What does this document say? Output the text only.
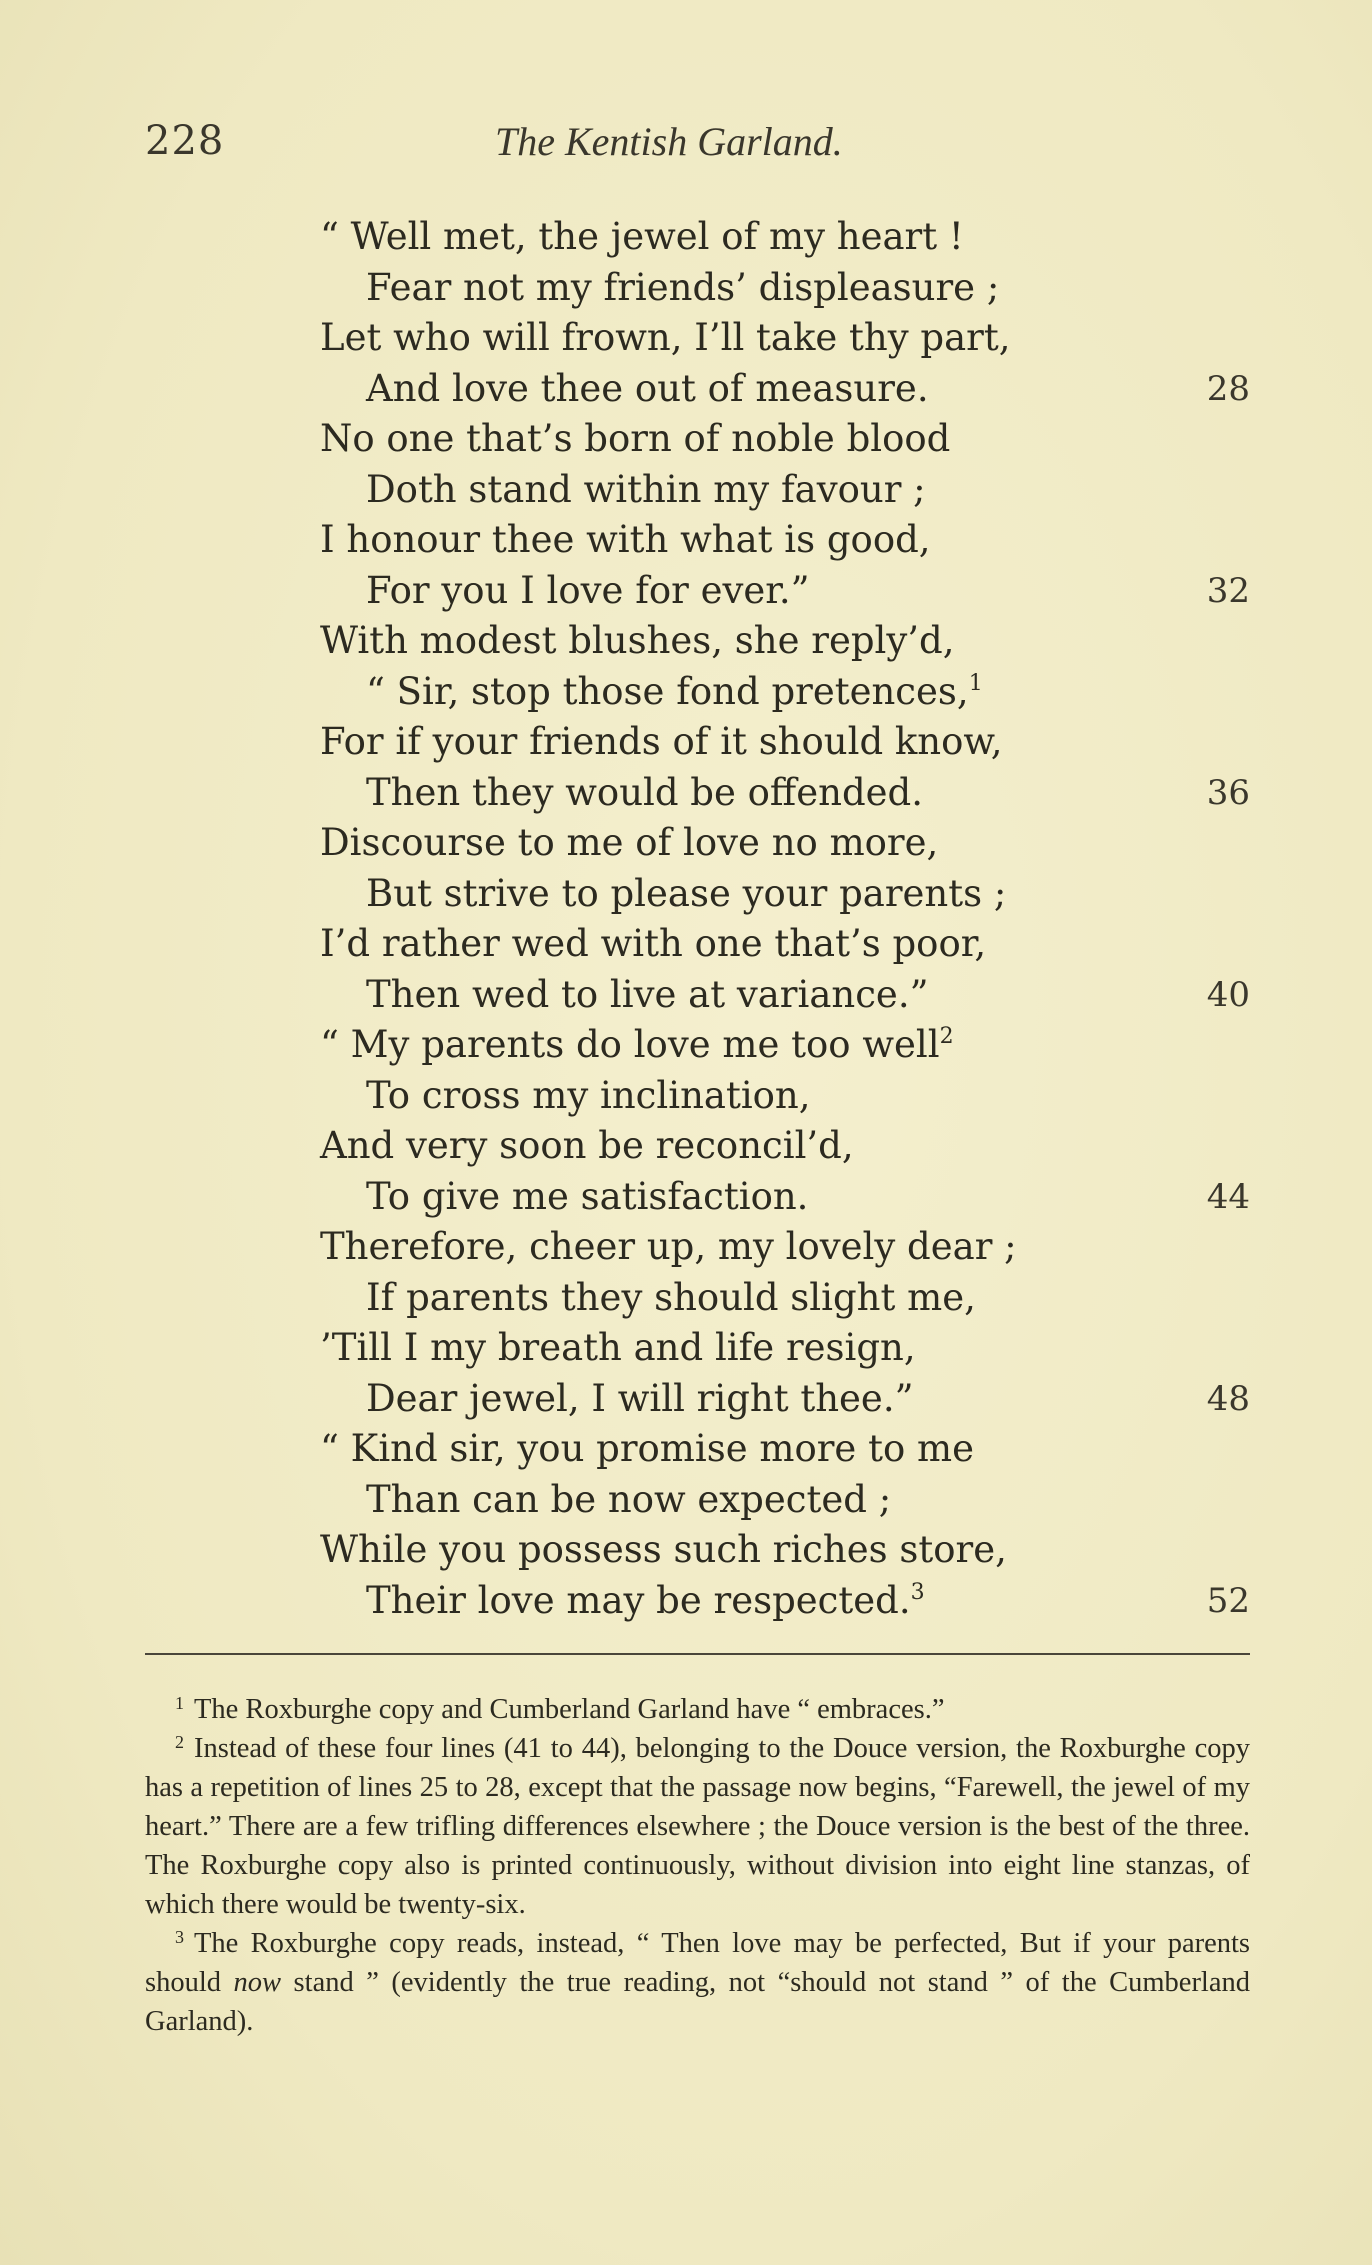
228	The Kentish Garland.
“ Well met, the jewel of my heart !
Fear not my friends’ displeasure ;
Let who will frown, I’ll take thy part,
And love thee out of measure.	28
No one that’s born of noble blood
Doth stand within my favour ;
I honour thee with what is good,
For you I love for ever.”	32
With modest blushes, she reply’d,
“ Sir, stop those fond pretences,$^1$
For if your friends of it should know,
Then they would be offended.	36
Discourse to me of love no more,
But strive to please your parents ;
I’d rather wed with one that’s poor,
Then wed to live at variance.”	40
“ My parents do love me too well$^2$
To cross my inclination,
And very soon be reconcil’d,
To give me satisfaction.	44
Therefore, cheer up, my lovely dear ;
If parents they should slight me,
’Till I my breath and life resign,
Dear jewel, I will right thee.”	48
“ Kind sir, you promise more to me
Than can be now expected ;
While you possess such riches store,
Their love may be respected.$^3$	52

$^1$ The Roxburghe copy and Cumberland Garland have “ embraces.”

$^2$ Instead of these four lines (41 to 44), belonging to the Douce version, the Roxburghe copy has a repetition of lines 25 to 28, except that the passage now begins, “Farewell, the jewel of my heart.” There are a few trifling differences elsewhere ; the Douce version is the best of the three. The Roxburghe copy also is printed continuously, without division into eight line stanzas, of which there would be twenty-six.

$^3$ The Roxburghe copy reads, instead, “ Then love may be perfected, But if your parents should now stand ” (evidently the true reading, not “should not stand ” of the Cumberland Garland).
